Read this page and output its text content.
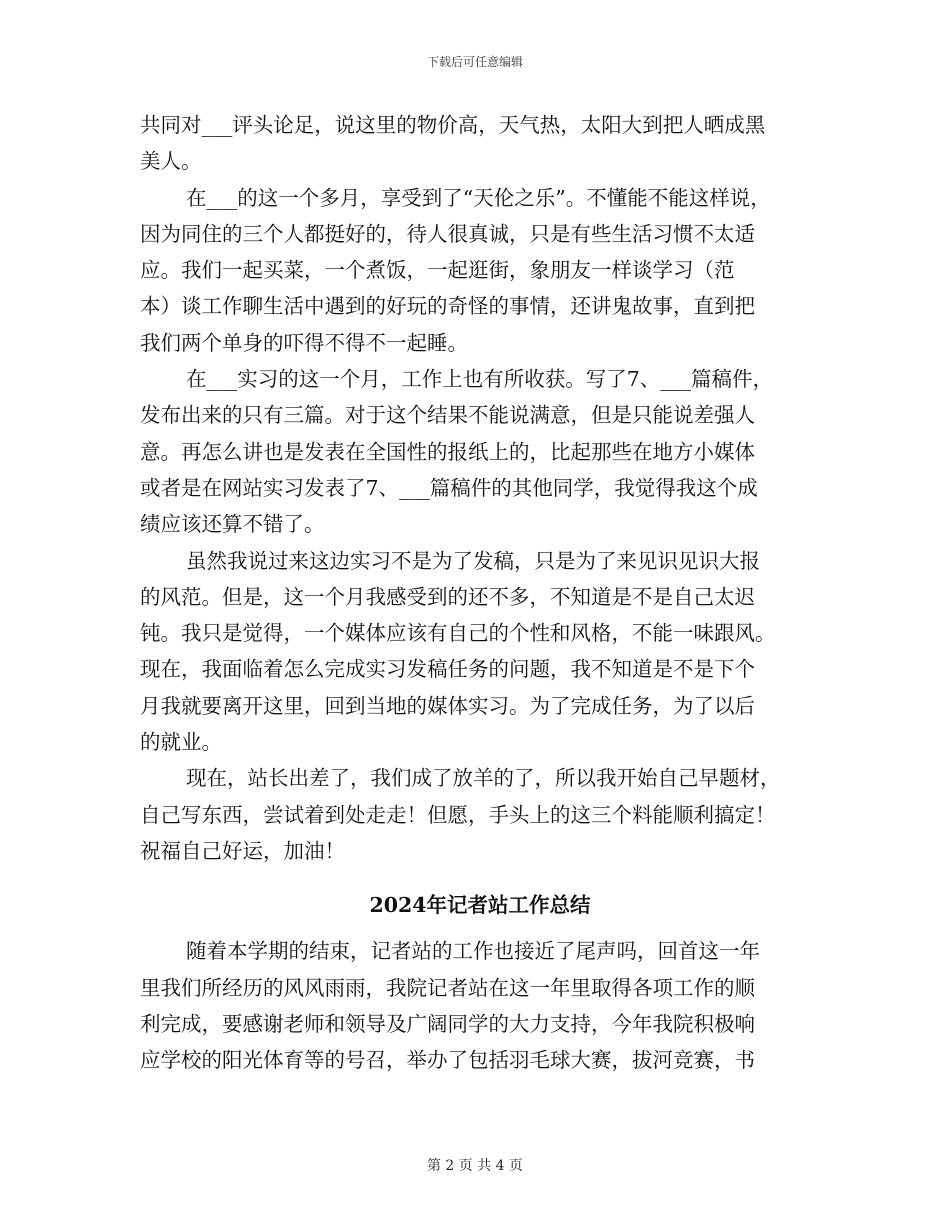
下载后可任意编辑
共同对___评头论足，说这里的物价高，天气热，太阳大到把人晒成黑
美人。
在___的这一个多月，享受到了“天伦之乐”。不懂能不能这样说，
因为同住的三个人都挺好的，待人很真诚，只是有些生活习惯不太适
应。我们一起买菜，一个煮饭，一起逛街，象朋友一样谈学习（范
本）谈工作聊生活中遇到的好玩的奇怪的事情，还讲鬼故事，直到把
我们两个单身的吓得不得不一起睡。
在___实习的这一个月，工作上也有所收获。写了7、___篇稿件，
发布出来的只有三篇。对于这个结果不能说满意，但是只能说差强人
意。再怎么讲也是发表在全国性的报纸上的，比起那些在地方小媒体
或者是在网站实习发表了7、___篇稿件的其他同学，我觉得我这个成
绩应该还算不错了。
虽然我说过来这边实习不是为了发稿，只是为了来见识见识大报
的风范。但是，这一个月我感受到的还不多，不知道是不是自己太迟
钝。我只是觉得，一个媒体应该有自己的个性和风格，不能一味跟风。
现在，我面临着怎么完成实习发稿任务的问题，我不知道是不是下个
月我就要离开这里，回到当地的媒体实习。为了完成任务，为了以后
的就业。
现在，站长出差了，我们成了放羊的了，所以我开始自己早题材，
自己写东西，尝试着到处走走！但愿，手头上的这三个料能顺利搞定！
祝福自己好运，加油！
2024年记者站工作总结
随着本学期的结束，记者站的工作也接近了尾声吗，回首这一年
里我们所经历的风风雨雨，我院记者站在这一年里取得各项工作的顺
利完成，要感谢老师和领导及广阔同学的大力支持，今年我院积极响
应学校的阳光体育等的号召，举办了包括羽毛球大赛，拔河竞赛，书
第 2 页 共 4 页
